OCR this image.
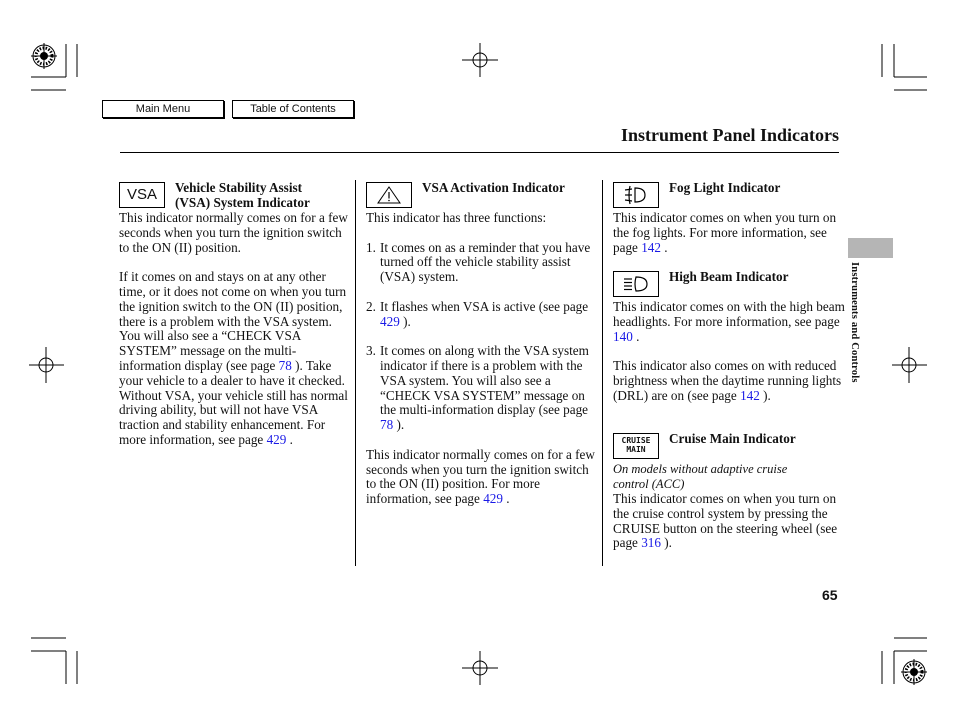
Main Menu	Table of Contents
Instrument Panel Indicators
Instruments and Controls
VSA	Vehicle Stability Assist
(VSA) System Indicator

This indicator normally comes on for a few seconds when you turn the ignition switch to the ON (II) position.

If it comes on and stays on at any other time, or it does not come on when you turn the ignition switch to the ON (II) position, there is a problem with the VSA system. You will also see a “CHECK VSA SYSTEM” message on the multi-information display (see page 78 ). Take your vehicle to a dealer to have it checked. Without VSA, your vehicle still has normal driving ability, but will not have VSA traction and stability enhancement. For more information, see page 429 .

VSA Activation Indicator

This indicator has three functions:

1. It comes on as a reminder that you have turned off the vehicle stability assist (VSA) system.
2. It flashes when VSA is active (see page 429 ).
3. It comes on along with the VSA system indicator if there is a problem with the VSA system. You will also see a “CHECK VSA SYSTEM” message on the multi-information display (see page 78 ).

This indicator normally comes on for a few seconds when you turn the ignition switch to the ON (II) position. For more information, see page 429 .

Fog Light Indicator
This indicator comes on when you turn on the fog lights. For more information, see page 142 .
High Beam Indicator

This indicator comes on with the high beam headlights. For more information, see page 140 .

This indicator also comes on with reduced brightness when the daytime running lights (DRL) are on (see page 142 ).

CRUISE
MAIN
Cruise Main Indicator
On models without adaptive cruise control (ACC)
This indicator comes on when you turn on the cruise control system by pressing the CRUISE button on the steering wheel (see page 316 ).
65
